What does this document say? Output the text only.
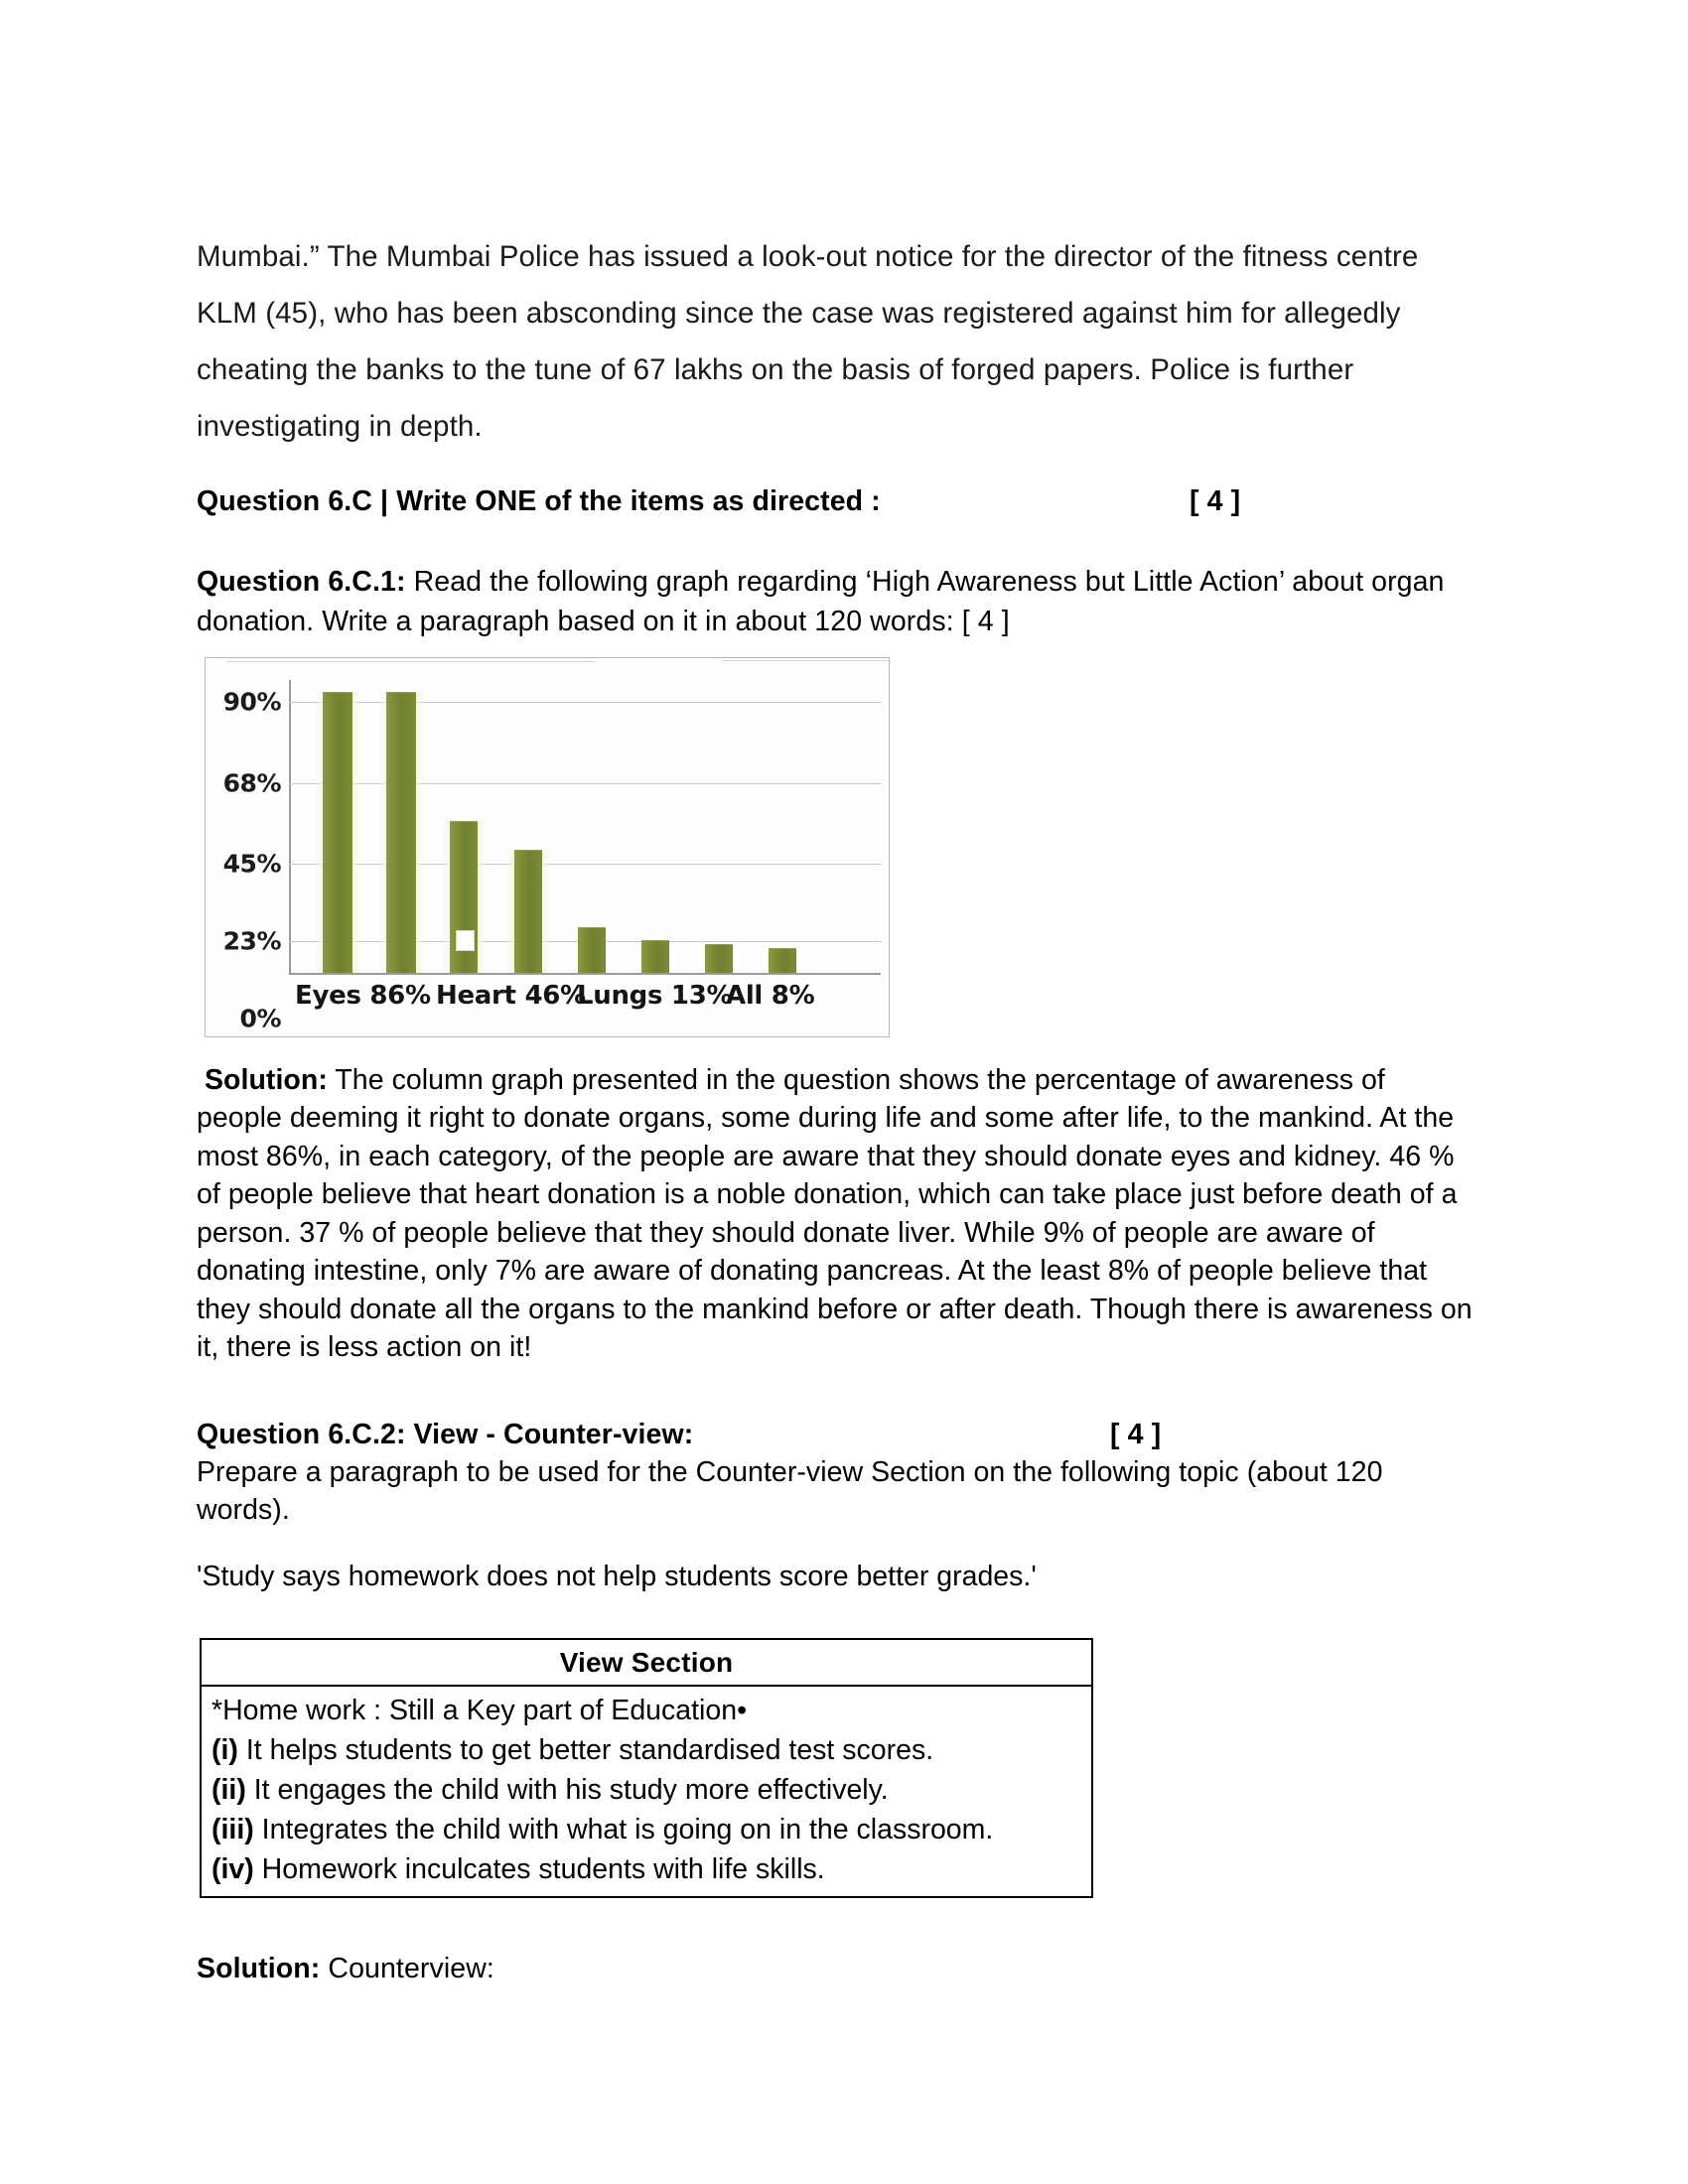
Mumbai.” The Mumbai Police has issued a look-out notice for the director of the fitness centre KLM (45), who has been absconding since the case was registered against him for allegedly cheating the banks to the tune of 67 lakhs on the basis of forged papers. Police is further investigating in depth.

Question 6.C | Write ONE of the items as directed :	[ 4 ]
Question 6.C.1: Read the following graph regarding ‘High Awareness but Little Action’ about organ donation. Write a paragraph based on it in about 120 words: [ 4 ]
90%
68%
45%
23%
0%
Eyes 86% Heart 46%
Lungs 13%
All 8%

Solution: The column graph presented in the question shows the percentage of awareness of people deeming it right to donate organs, some during life and some after life, to the mankind. At the most 86%, in each category, of the people are aware that they should donate eyes and kidney. 46 % of people believe that heart donation is a noble donation, which can take place just before death of a person. 37 % of people believe that they should donate liver. While 9% of people are aware of donating intestine, only 7% are aware of donating pancreas. At the least 8% of people believe that they should donate all the organs to the mankind before or after death. Though there is awareness on it, there is less action on it!

Question 6.C.2: View - Counter-view:	[ 4 ]

Prepare a paragraph to be used for the Counter-view Section on the following topic (about 120 words).

'Study says homework does not help students score better grades.'

View Section
*Home work : Still a Key part of Education•
(i) It helps students to get better standardised test scores.
(ii) It engages the child with his study more effectively.
(iii) Integrates the child with what is going on in the classroom.
(iv) Homework inculcates students with life skills.
Solution: Counterview:
